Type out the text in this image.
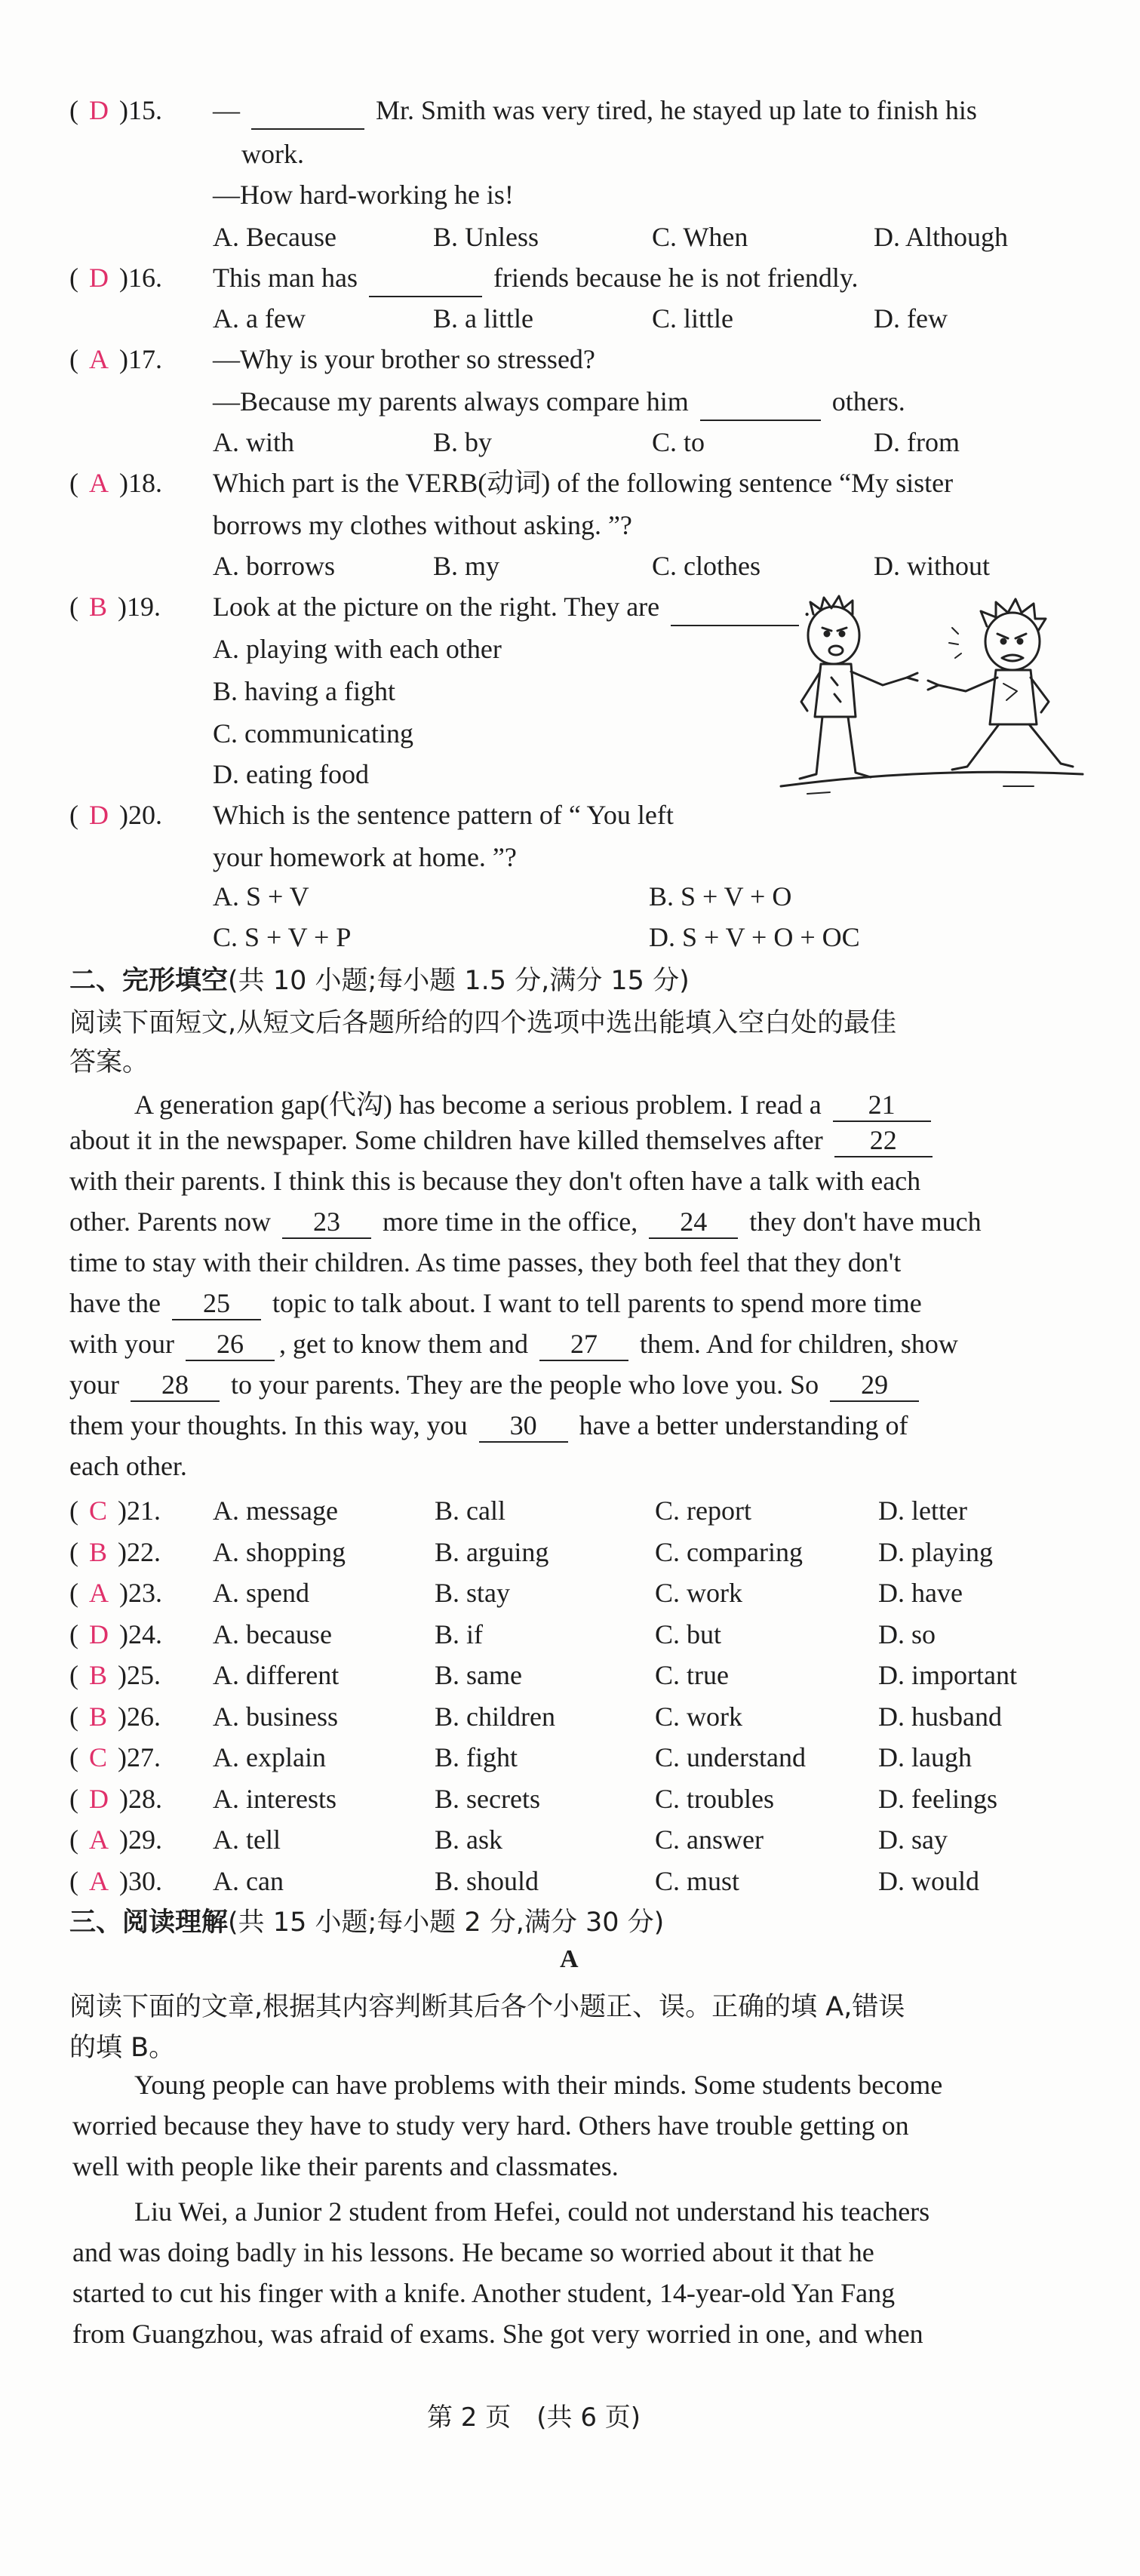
( D )15. —	Mr. Smith was very tired, he stayed up late to finish his
work.
—How hard-working he is!
A. Because	B. Unless	C. When	D. Although
( D )16. This man has	friends because he is not friendly.
A. a few	B. a little	C. little	D. few
( A )17. —Why is your brother so stressed?
—Because my parents always compare him	others.
A. with	B. by	C. to	D. from
( A )18. Which part is the VERB(动词) of the following sentence “My sister
borrows my clothes without asking. ”?
A. borrows	B. my	C. clothes	D. without
( B )19. Look at the picture on the right. They are	.
A. playing with each other
B. having a fight
C. communicating
D. eating food
( D )20. Which is the sentence pattern of “ You left
your homework at home. ”?
A. S + V	B. S + V + O
C. S + V + P	D. S + V + O + OC
二、完形填空(共 10 小题;每小题 1.5 分,满分 15 分)
阅读下面短文,从短文后各题所给的四个选项中选出能填入空白处的最佳
答案。
A generation gap(代沟) has become a serious problem. I read a 21
about it in the newspaper. Some children have killed themselves after 22
with their parents. I think this is because they don't often have a talk with each
other. Parents now 23 more time in the office, 24 they don't have much
time to stay with their children. As time passes, they both feel that they don't
have the 25 topic to talk about. I want to tell parents to spend more time
with your 26 , get to know them and 27 them. And for children, show
your 28 to your parents. They are the people who love you. So 29
them your thoughts. In this way, you 30 have a better understanding of
each other.
( C )21. A. message	B. call	C. report	D. letter
( B )22. A. shopping	B. arguing	C. comparing	D. playing
( A )23. A. spend	B. stay	C. work	D. have
( D )24. A. because	B. if	C. but	D. so
( B )25. A. different	B. same	C. true	D. important
( B )26. A. business	B. children	C. work	D. husband
( C )27. A. explain	B. fight	C. understand	D. laugh
( D )28. A. interests	B. secrets	C. troubles	D. feelings
( A )29. A. tell	B. ask	C. answer	D. say
( A )30. A. can	B. should	C. must	D. would
三、阅读理解(共 15 小题;每小题 2 分,满分 30 分)
A
阅读下面的文章,根据其内容判断其后各个小题正、误。正确的填 A,错误
的填 B。
Young people can have problems with their minds. Some students become
worried because they have to study very hard. Others have trouble getting on
well with people like their parents and classmates.
Liu Wei, a Junior 2 student from Hefei, could not understand his teachers
and was doing badly in his lessons. He became so worried about it that he
started to cut his finger with a knife. Another student, 14-year-old Yan Fang
from Guangzhou, was afraid of exams. She got very worried in one, and when
第 2 页　(共 6 页)
